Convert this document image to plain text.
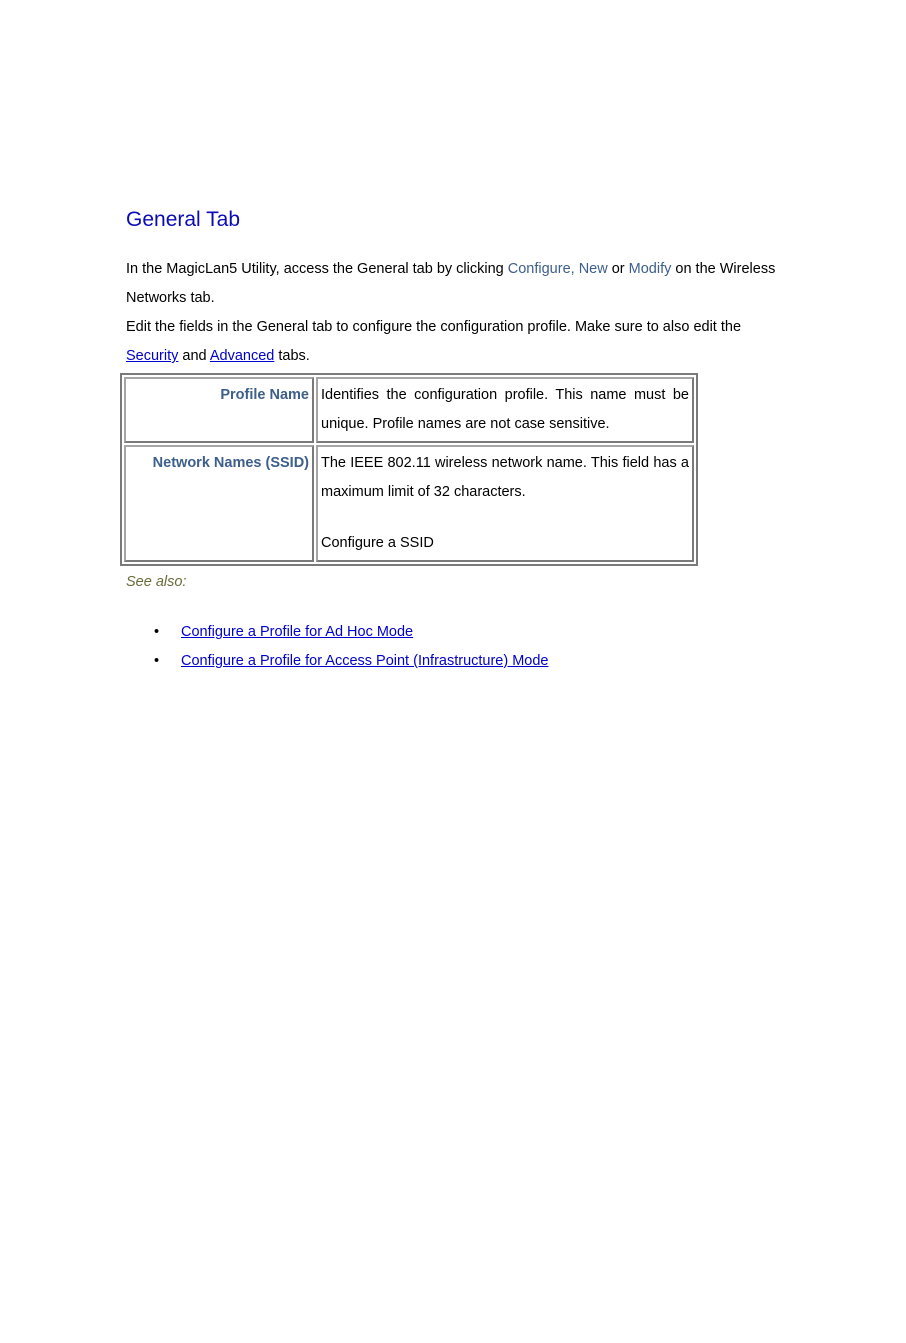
General Tab

In the MagicLan5 Utility, access the General tab by clicking Configure, New or Modify on the Wireless Networks tab.

Edit the fields in the General tab to configure the configuration profile. Make sure to also edit the Security and Advanced tabs.

Profile Name	Identifies the configuration profile. This name must be unique. Profile names are not case sensitive.
Network Names (SSID)	The IEEE 802.11 wireless network name. This field has a maximum limit of 32 characters.
Configure a SSID

See also:

• Configure a Profile for Ad Hoc Mode
• Configure a Profile for Access Point (Infrastructure) Mode
